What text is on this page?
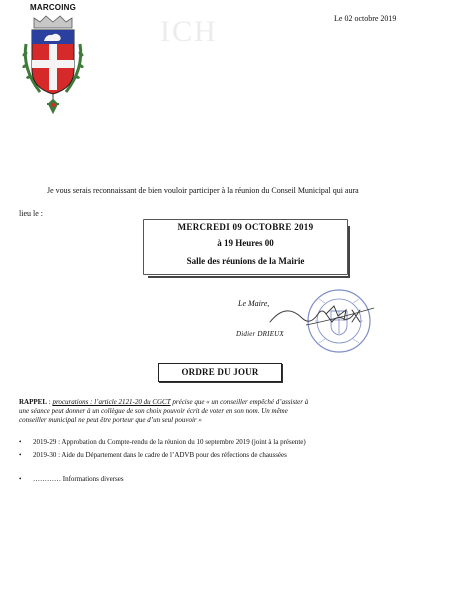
MARCOING
ICH	Le 02 octobre 2019
Je vous serais reconnaissant de bien vouloir participer à la réunion du Conseil Municipal qui aura
lieu le :
MERCREDI 09 OCTOBRE 2019
à 19 Heures 00
Salle des réunions de la Mairie
Le Maire,
Didier DRIEUX
ORDRE DU JOUR
RAPPEL : procurations : l’article 2121-20 du CGCT précise que « un conseiller empêché d’assister à
une séance peut donner à un collègue de son choix pouvoir écrit de voter en son nom. Un même
conseiller municipal ne peut être porteur que d’un seul pouvoir »
• 2019-29 : Approbation du Compte-rendu de la réunion du 10 septembre 2019 (joint à la présente)
• 2019-30 : Aide du Département dans le cadre de l’ADVB pour des réfections de chaussées
• ………… Informations diverses
